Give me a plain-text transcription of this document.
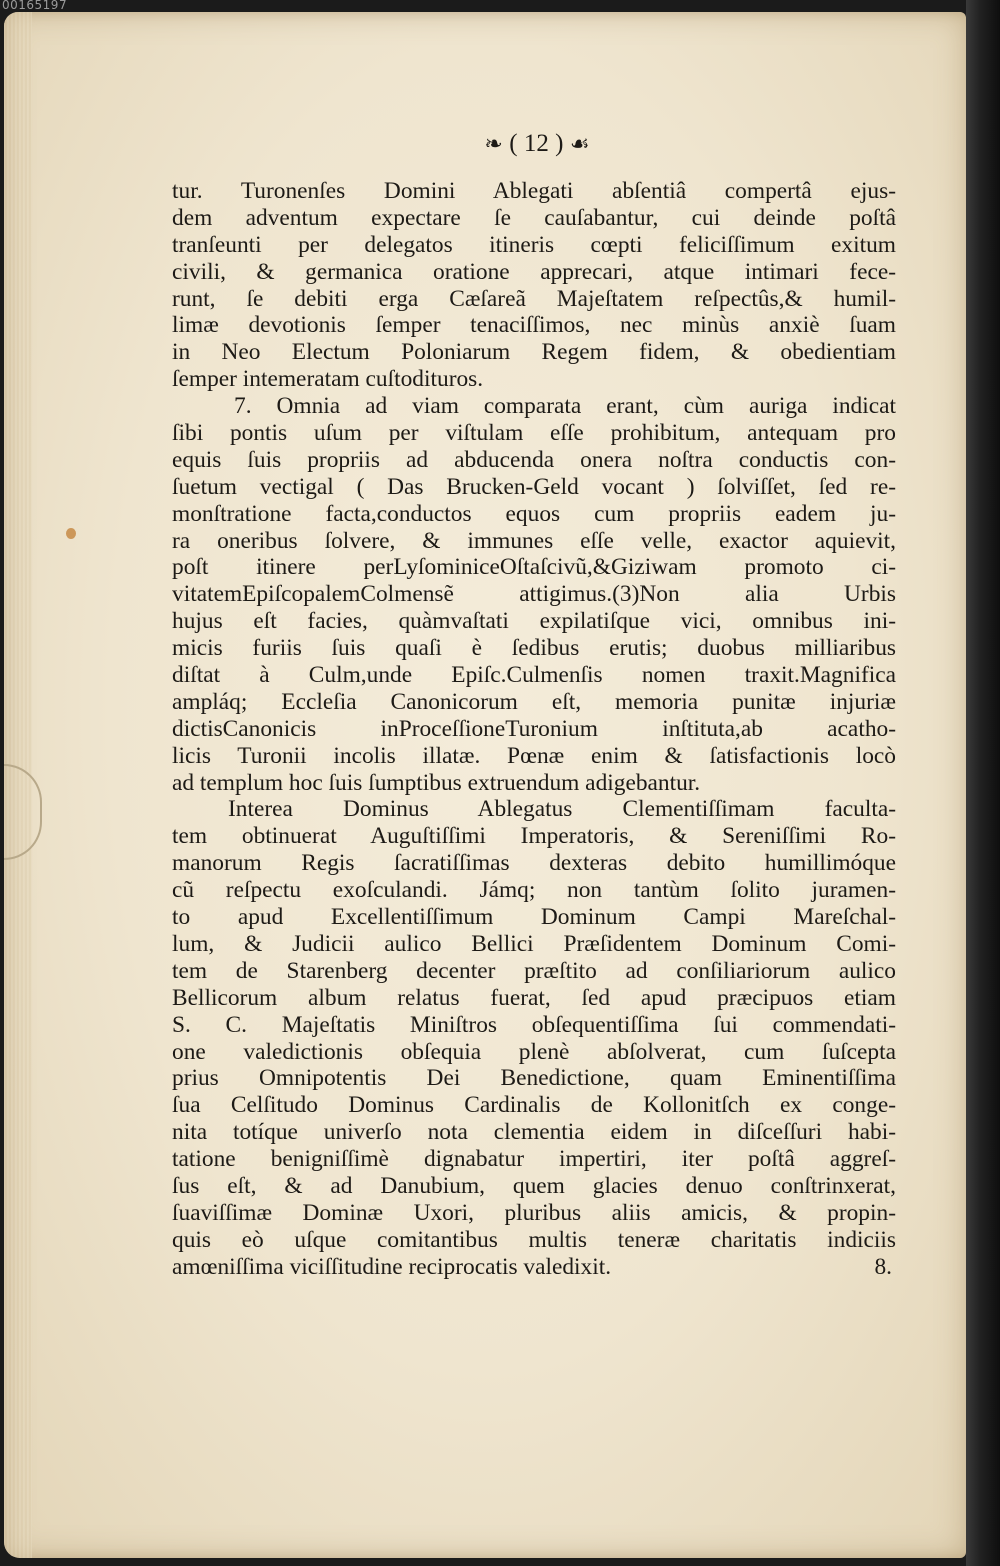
00165197
❧ ( 12 ) ☙
tur. Turonenſes Domini Ablegati abſentiâ compertâ ejus-
dem adventum expectare ſe cauſabantur, cui deinde poſtâ
tranſeunti per delegatos itineris cœpti feliciſſimum exitum
civili, & germanica oratione apprecari, atque intimari fece-
runt, ſe debiti erga Cæſareã Majeſtatem reſpectûs,& humil-
limæ devotionis ſemper tenaciſſimos, nec minùs anxiè ſuam
in Neo Electum Poloniarum Regem fidem, & obedientiam
ſemper intemeratam cuſtodituros.
7. Omnia ad viam comparata erant, cùm auriga indicat
ſibi pontis uſum per viſtulam eſſe prohibitum, antequam pro
equis ſuis propriis ad abducenda onera noſtra conductis con-
ſuetum vectigal ( Das Brucken-Geld vocant ) ſolviſſet, ſed re-
monſtratione facta,conductos equos cum propriis eadem ju-
ra oneribus ſolvere, & immunes eſſe velle, exactor aquievit,
poſt itinere perLyſominiceOſtaſcivũ,&Giziwam promoto ci-
vitatemEpiſcopalemColmensẽ attigimus.(3)Non alia Urbis
hujus eſt facies, quàmvaſtati expilatiſque vici, omnibus ini-
micis furiis ſuis quaſi è ſedibus erutis; duobus milliaribus
diſtat à Culm,unde Epiſc.Culmenſis nomen traxit.Magnifica
ampláq; Eccleſia Canonicorum eſt, memoria punitæ injuriæ
dictisCanonicis inProceſſioneTuronium inſtituta,ab acatho-
licis Turonii incolis illatæ. Pœnæ enim & ſatisfactionis locò
ad templum hoc ſuis ſumptibus extruendum adigebantur.
Interea Dominus Ablegatus Clementiſſimam faculta-
tem obtinuerat Auguſtiſſimi Imperatoris, & Sereniſſimi Ro-
manorum Regis ſacratiſſimas dexteras debito humillimóque
cũ reſpectu exoſculandi. Jámq; non tantùm ſolito juramen-
to apud Excellentiſſimum Dominum Campi Mareſchal-
lum, & Judicii aulico Bellici Præſidentem Dominum Comi-
tem de Starenberg decenter præſtito ad conſiliariorum aulico
Bellicorum album relatus fuerat, ſed apud præcipuos etiam
S. C. Majeſtatis Miniſtros obſequentiſſima ſui commendati-
one valedictionis obſequia plenè abſolverat, cum ſuſcepta
prius Omnipotentis Dei Benedictione, quam Eminentiſſima
ſua Celſitudo Dominus Cardinalis de Kollonitſch ex conge-
nita totíque univerſo nota clementia eidem in diſceſſuri habi-
tatione benigniſſimè dignabatur impertiri, iter poſtâ aggreſ-
ſus eſt, & ad Danubium, quem glacies denuo conſtrinxerat,
ſuaviſſimæ Dominæ Uxori, pluribus aliis amicis, & propin-
quis eò uſque comitantibus multis teneræ charitatis indiciis
amœniſſima viciſſitudine reciprocatis valedixit.	8.
